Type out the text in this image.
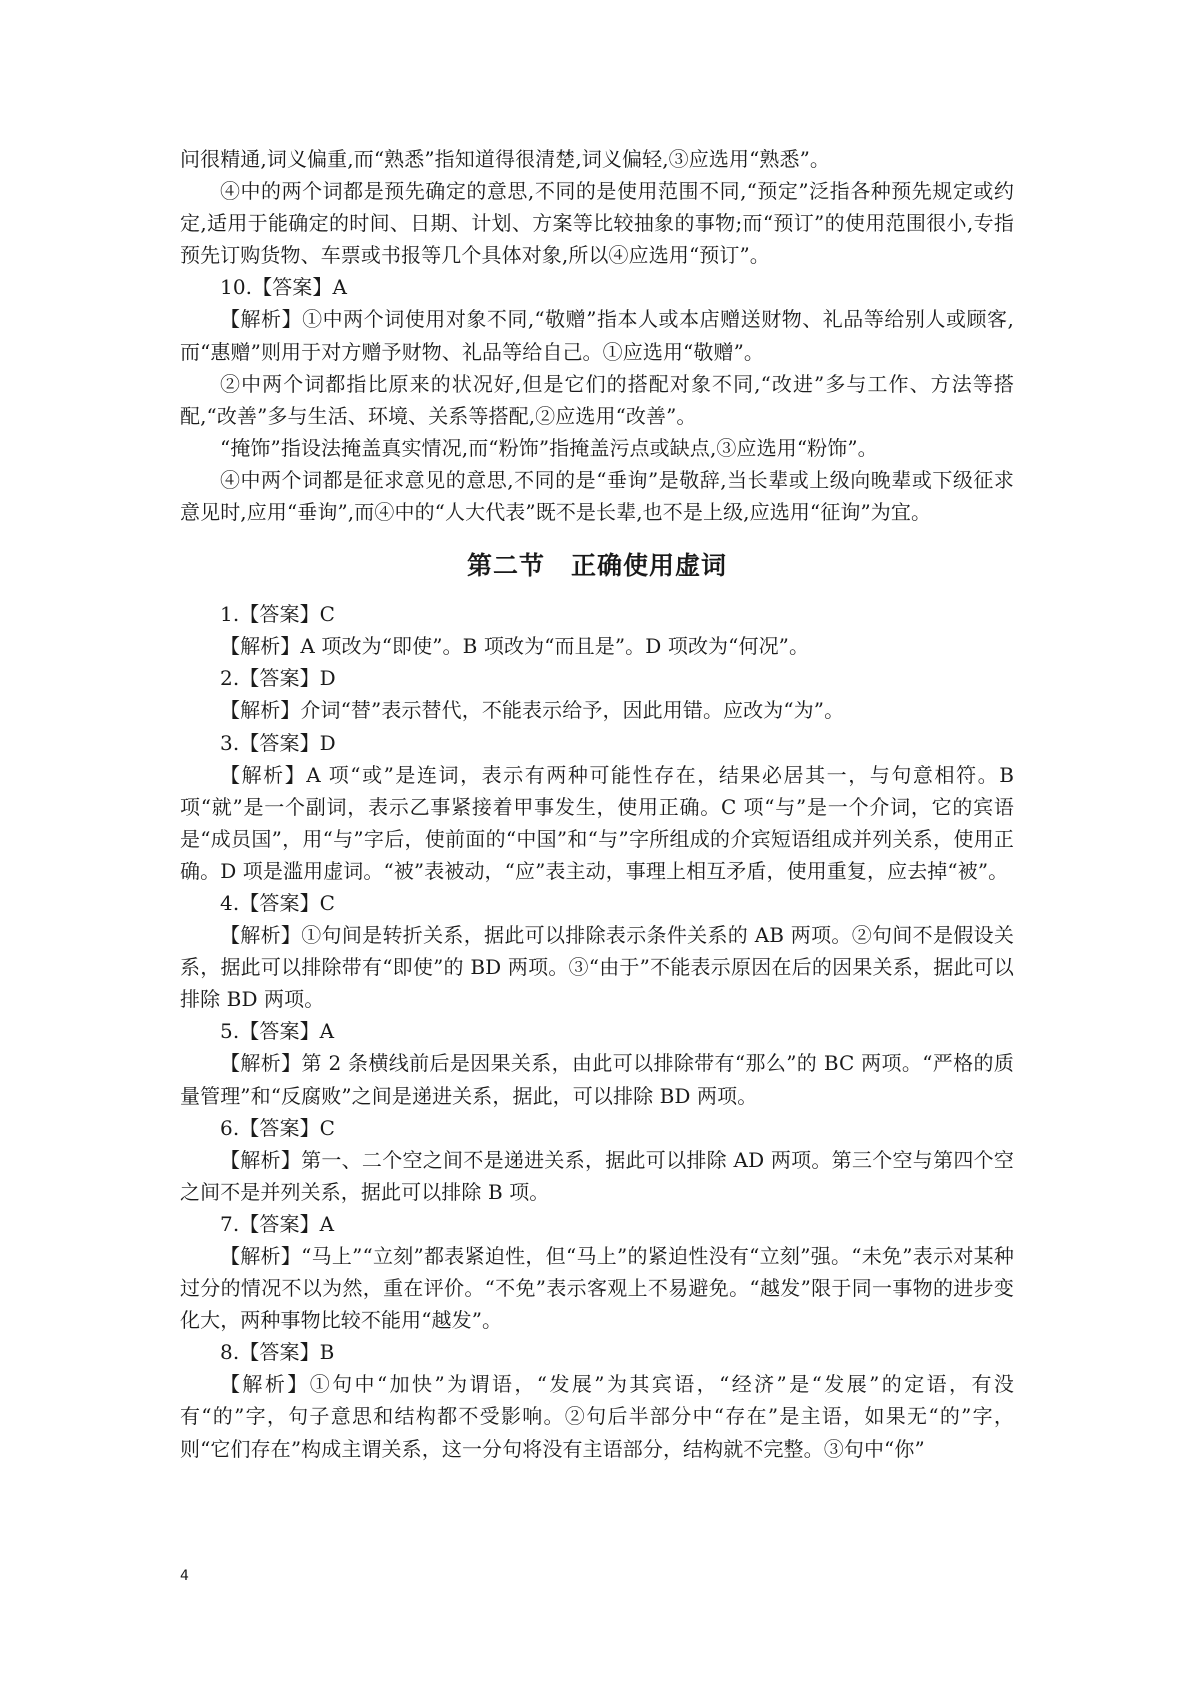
问很精通,词义偏重,而“熟悉”指知道得很清楚,词义偏轻,③应选用“熟悉”。

④中的两个词都是预先确定的意思,不同的是使用范围不同,“预定”泛指各种预先规定或约定,适用于能确定的时间、日期、计划、方案等比较抽象的事物;而“预订”的使用范围很小,专指预先订购货物、车票或书报等几个具体对象,所以④应选用“预订”。

10.【答案】A

【解析】①中两个词使用对象不同,“敬赠”指本人或本店赠送财物、礼品等给别人或顾客,而“惠赠”则用于对方赠予财物、礼品等给自己。①应选用“敬赠”。

②中两个词都指比原来的状况好,但是它们的搭配对象不同,“改进”多与工作、方法等搭配,“改善”多与生活、环境、关系等搭配,②应选用“改善”。

“掩饰”指设法掩盖真实情况,而“粉饰”指掩盖污点或缺点,③应选用“粉饰”。

④中两个词都是征求意见的意思,不同的是“垂询”是敬辞,当长辈或上级向晚辈或下级征求意见时,应用“垂询”,而④中的“人大代表”既不是长辈,也不是上级,应选用“征询”为宜。

第二节　正确使用虚词

1.【答案】C

【解析】A 项改为“即使”。B 项改为“而且是”。D 项改为“何况”。

2.【答案】D

【解析】介词“替”表示替代，不能表示给予，因此用错。应改为“为”。

3.【答案】D

【解析】A 项“或”是连词，表示有两种可能性存在，结果必居其一，与句意相符。B 项“就”是一个副词，表示乙事紧接着甲事发生，使用正确。C 项“与”是一个介词，它的宾语是“成员国”，用“与”字后，使前面的“中国”和“与”字所组成的介宾短语组成并列关系，使用正确。D 项是滥用虚词。“被”表被动，“应”表主动，事理上相互矛盾，使用重复，应去掉“被”。

4.【答案】C

【解析】①句间是转折关系，据此可以排除表示条件关系的 AB 两项。②句间不是假设关系，据此可以排除带有“即使”的 BD 两项。③“由于”不能表示原因在后的因果关系，据此可以排除 BD 两项。

5.【答案】A

【解析】第 2 条横线前后是因果关系，由此可以排除带有“那么”的 BC 两项。“严格的质量管理”和“反腐败”之间是递进关系，据此，可以排除 BD 两项。

6.【答案】C

【解析】第一、二个空之间不是递进关系，据此可以排除 AD 两项。第三个空与第四个空之间不是并列关系，据此可以排除 B 项。

7.【答案】A

【解析】“马上”“立刻”都表紧迫性，但“马上”的紧迫性没有“立刻”强。“未免”表示对某种过分的情况不以为然，重在评价。“不免”表示客观上不易避免。“越发”限于同一事物的进步变化大，两种事物比较不能用“越发”。

8.【答案】B

【解析】①句中“加快”为谓语，“发展”为其宾语，“经济”是“发展”的定语，有没有“的”字，句子意思和结构都不受影响。②句后半部分中“存在”是主语，如果无“的”字，则“它们存在”构成主谓关系，这一分句将没有主语部分，结构就不完整。③句中“你”

4
